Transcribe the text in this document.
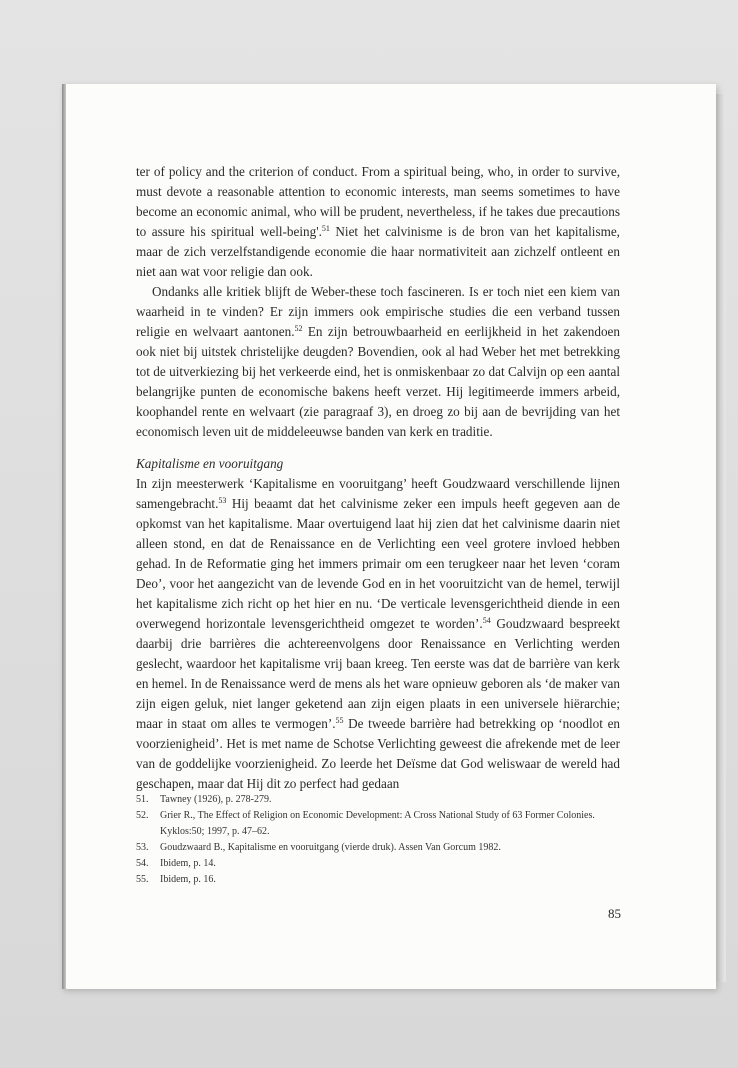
ter of policy and the criterion of conduct. From a spiritual being, who, in order to survive, must devote a reasonable attention to economic interests, man seems sometimes to have become an economic animal, who will be prudent, nevertheless, if he takes due precautions to assure his spiritual well-being'.$^{51}$ Niet het calvinisme is de bron van het kapitalisme, maar de zich verzelfstandigende economie die haar normativiteit aan zichzelf ontleent en niet aan wat voor religie dan ook.

Ondanks alle kritiek blijft de Weber-these toch fascineren. Is er toch niet een kiem van waarheid in te vinden? Er zijn immers ook empirische studies die een verband tussen religie en welvaart aantonen.$^{52}$ En zijn betrouwbaarheid en eerlijkheid in het zakendoen ook niet bij uitstek christelijke deugden? Bovendien, ook al had Weber het met betrekking tot de uitverkiezing bij het verkeerde eind, het is onmiskenbaar zo dat Calvijn op een aantal belangrijke punten de economische bakens heeft verzet. Hij legitimeerde immers arbeid, koophandel rente en welvaart (zie paragraaf 3), en droeg zo bij aan de bevrijding van het economisch leven uit de middeleeuwse banden van kerk en traditie.

Kapitalisme en vooruitgang

In zijn meesterwerk ‘Kapitalisme en vooruitgang’ heeft Goudzwaard verschillende lijnen samengebracht.$^{53}$ Hij beaamt dat het calvinisme zeker een impuls heeft gegeven aan de opkomst van het kapitalisme. Maar overtuigend laat hij zien dat het calvinisme daarin niet alleen stond, en dat de Renaissance en de Verlichting een veel grotere invloed hebben gehad. In de Reformatie ging het immers primair om een terugkeer naar het leven ‘coram Deo’, voor het aangezicht van de levende God en in het vooruitzicht van de hemel, terwijl het kapitalisme zich richt op het hier en nu. ‘De verticale levensgerichtheid diende in een overwegend horizontale levensgerichtheid omgezet te worden’.$^{54}$ Goudzwaard bespreekt daarbij drie barrières die achtereenvolgens door Renaissance en Verlichting werden geslecht, waardoor het kapitalisme vrij baan kreeg. Ten eerste was dat de barrière van kerk en hemel. In de Renaissance werd de mens als het ware opnieuw geboren als ‘de maker van zijn eigen geluk, niet langer geketend aan zijn eigen plaats in een universele hiërarchie; maar in staat om alles te vermogen’.$^{55}$ De tweede barrière had betrekking op ‘noodlot en voorzienigheid’. Het is met name de Schotse Verlichting geweest die afrekende met de leer van de goddelijke voorzienigheid. Zo leerde het Deïsme dat God weliswaar de wereld had geschapen, maar dat Hij dit zo perfect had gedaan

51.	Tawney (1926), p. 278-279.

52.	Grier R., The Effect of Religion on Economic Development: A Cross National Study of 63 Former Colonies. Kyklos:50; 1997, p. 47–62.

53.	Goudzwaard B., Kapitalisme en vooruitgang (vierde druk). Assen Van Gorcum 1982.

54.	Ibidem, p. 14.

55.	Ibidem, p. 16.

85
